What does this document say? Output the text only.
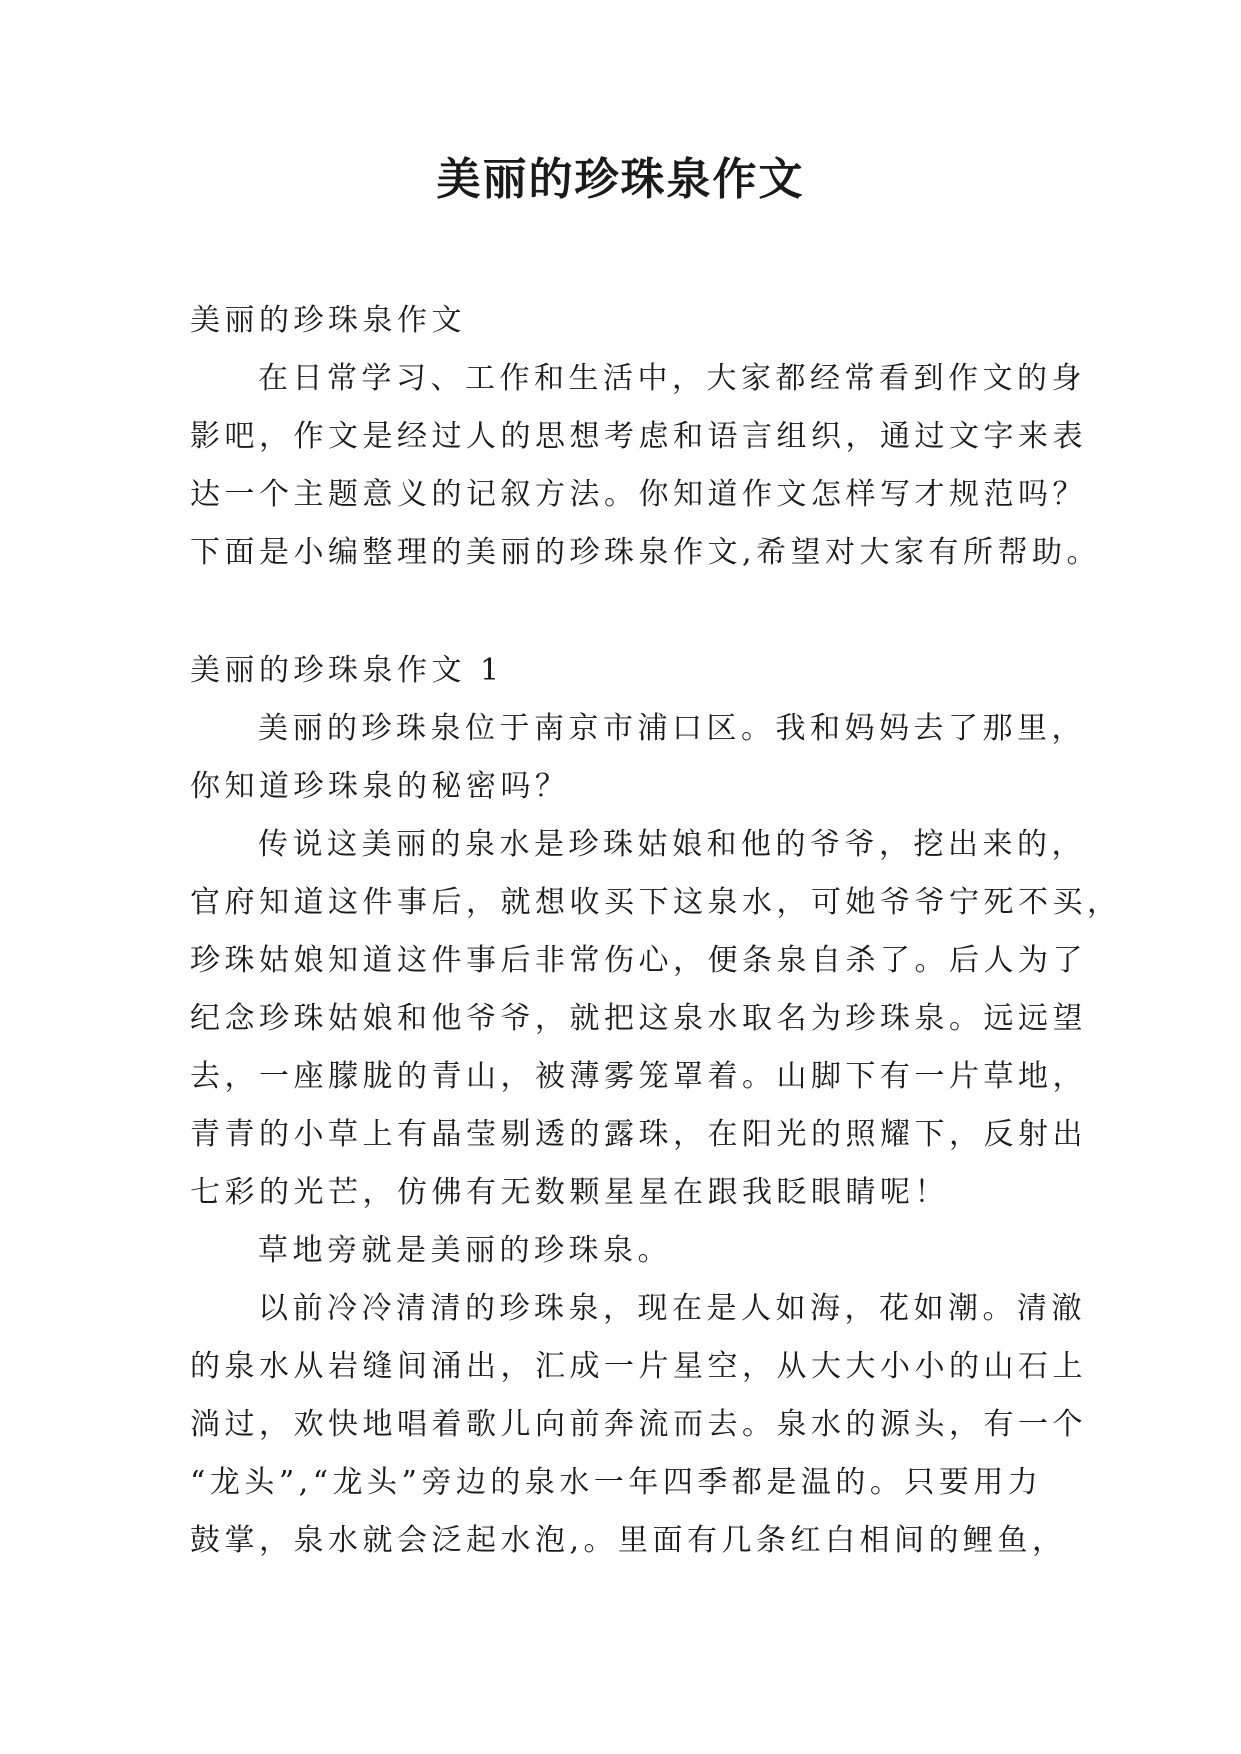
美丽的珍珠泉作文
美丽的珍珠泉作文
在日常学习、工作和生活中，大家都经常看到作文的身
影吧，作文是经过人的思想考虑和语言组织，通过文字来表
达一个主题意义的记叙方法。你知道作文怎样写才规范吗？
下面是小编整理的美丽的珍珠泉作文,希望对大家有所帮助。
美丽的珍珠泉作文 1
美丽的珍珠泉位于南京市浦口区。我和妈妈去了那里，
你知道珍珠泉的秘密吗？
传说这美丽的泉水是珍珠姑娘和他的爷爷，挖出来的，
官府知道这件事后，就想收买下这泉水，可她爷爷宁死不买，
珍珠姑娘知道这件事后非常伤心，便条泉自杀了。后人为了
纪念珍珠姑娘和他爷爷，就把这泉水取名为珍珠泉。远远望
去，一座朦胧的青山，被薄雾笼罩着。山脚下有一片草地，
青青的小草上有晶莹剔透的露珠，在阳光的照耀下，反射出
七彩的光芒，仿佛有无数颗星星在跟我眨眼睛呢！
草地旁就是美丽的珍珠泉。
以前冷冷清清的珍珠泉，现在是人如海，花如潮。清澈
的泉水从岩缝间涌出，汇成一片星空，从大大小小的山石上
淌过，欢快地唱着歌儿向前奔流而去。泉水的源头，有一个
“龙头”,“龙头”旁边的泉水一年四季都是温的。只要用力
鼓掌，泉水就会泛起水泡,。里面有几条红白相间的鲤鱼，
